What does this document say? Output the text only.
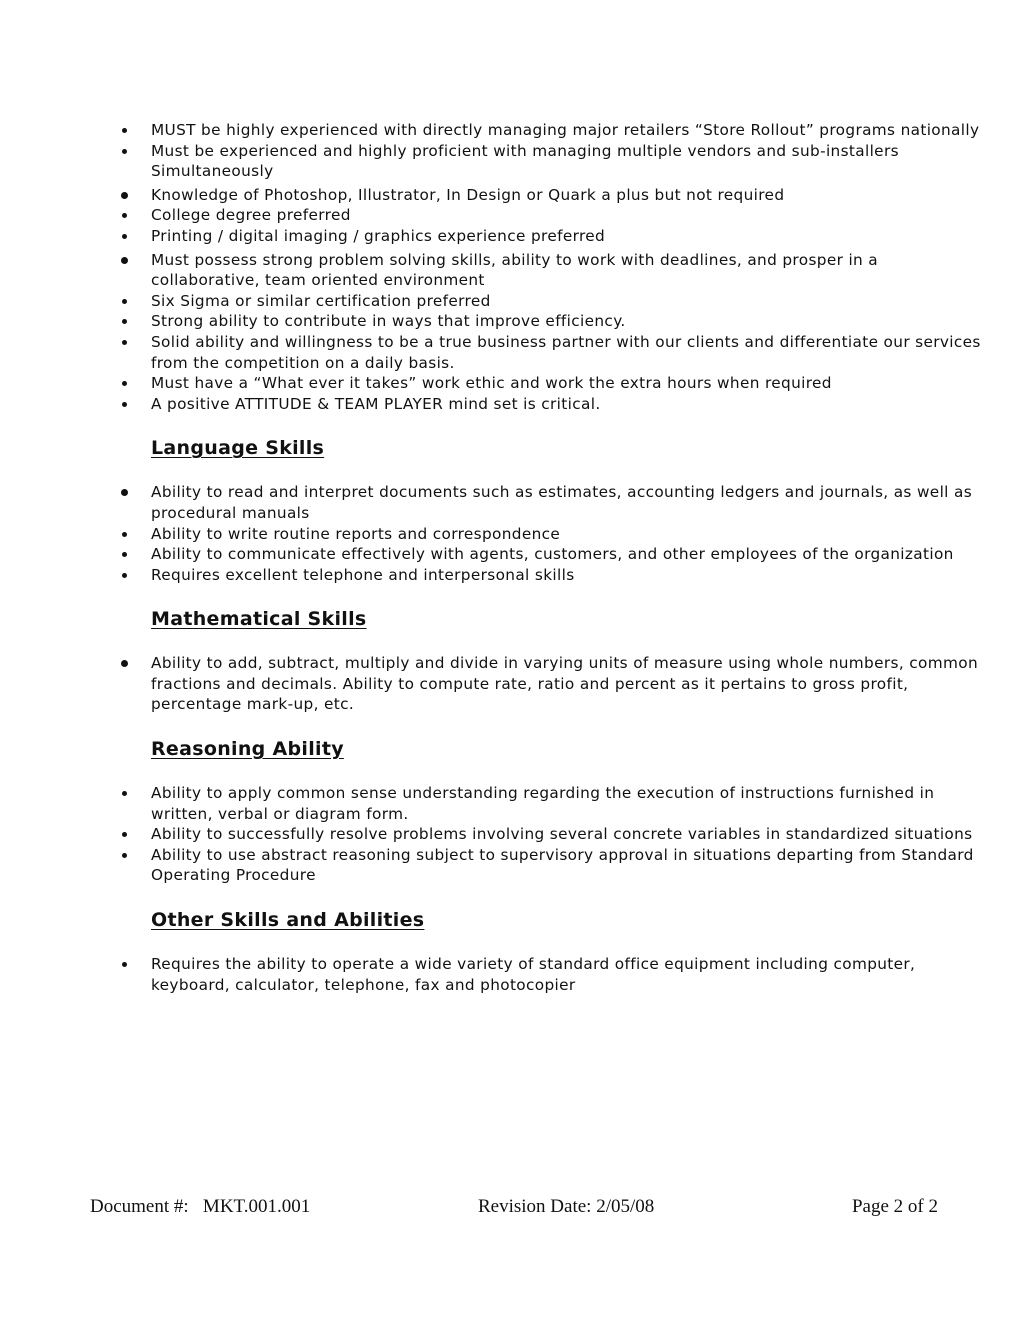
MUST be highly experienced with directly managing major retailers “Store Rollout” programs nationally
Must be experienced and highly proficient with managing multiple vendors and sub-installers Simultaneously
Knowledge of Photoshop, Illustrator, In Design or Quark a plus but not required
College degree preferred
Printing / digital imaging / graphics experience preferred
Must possess strong problem solving skills, ability to work with deadlines, and prosper in a collaborative, team oriented environment
Six Sigma or similar certification preferred
Strong ability to contribute in ways that improve efficiency.
Solid ability and willingness to be a true business partner with our clients and differentiate our services from the competition on a daily basis.
Must have a “What ever it takes” work ethic and work the extra hours when required
A positive ATTITUDE & TEAM PLAYER mind set is critical.
Language Skills
Ability to read and interpret documents such as estimates, accounting ledgers and journals, as well as procedural manuals
Ability to write routine reports and correspondence
Ability to communicate effectively with agents, customers, and other employees of the organization
Requires excellent telephone and interpersonal skills
Mathematical Skills
Ability to add, subtract, multiply and divide in varying units of measure using whole numbers, common fractions and decimals. Ability to compute rate, ratio and percent as it pertains to gross profit, percentage mark-up, etc.
Reasoning Ability
Ability to apply common sense understanding regarding the execution of instructions furnished in written, verbal or diagram form.
Ability to successfully resolve problems involving several concrete variables in standardized situations
Ability to use abstract reasoning subject to supervisory approval in situations departing from Standard Operating Procedure
Other Skills and Abilities
Requires the ability to operate a wide variety of standard office equipment including computer, keyboard, calculator, telephone, fax and photocopier
Document #:   MKT.001.001	Revision Date: 2/05/08	Page 2 of 2
